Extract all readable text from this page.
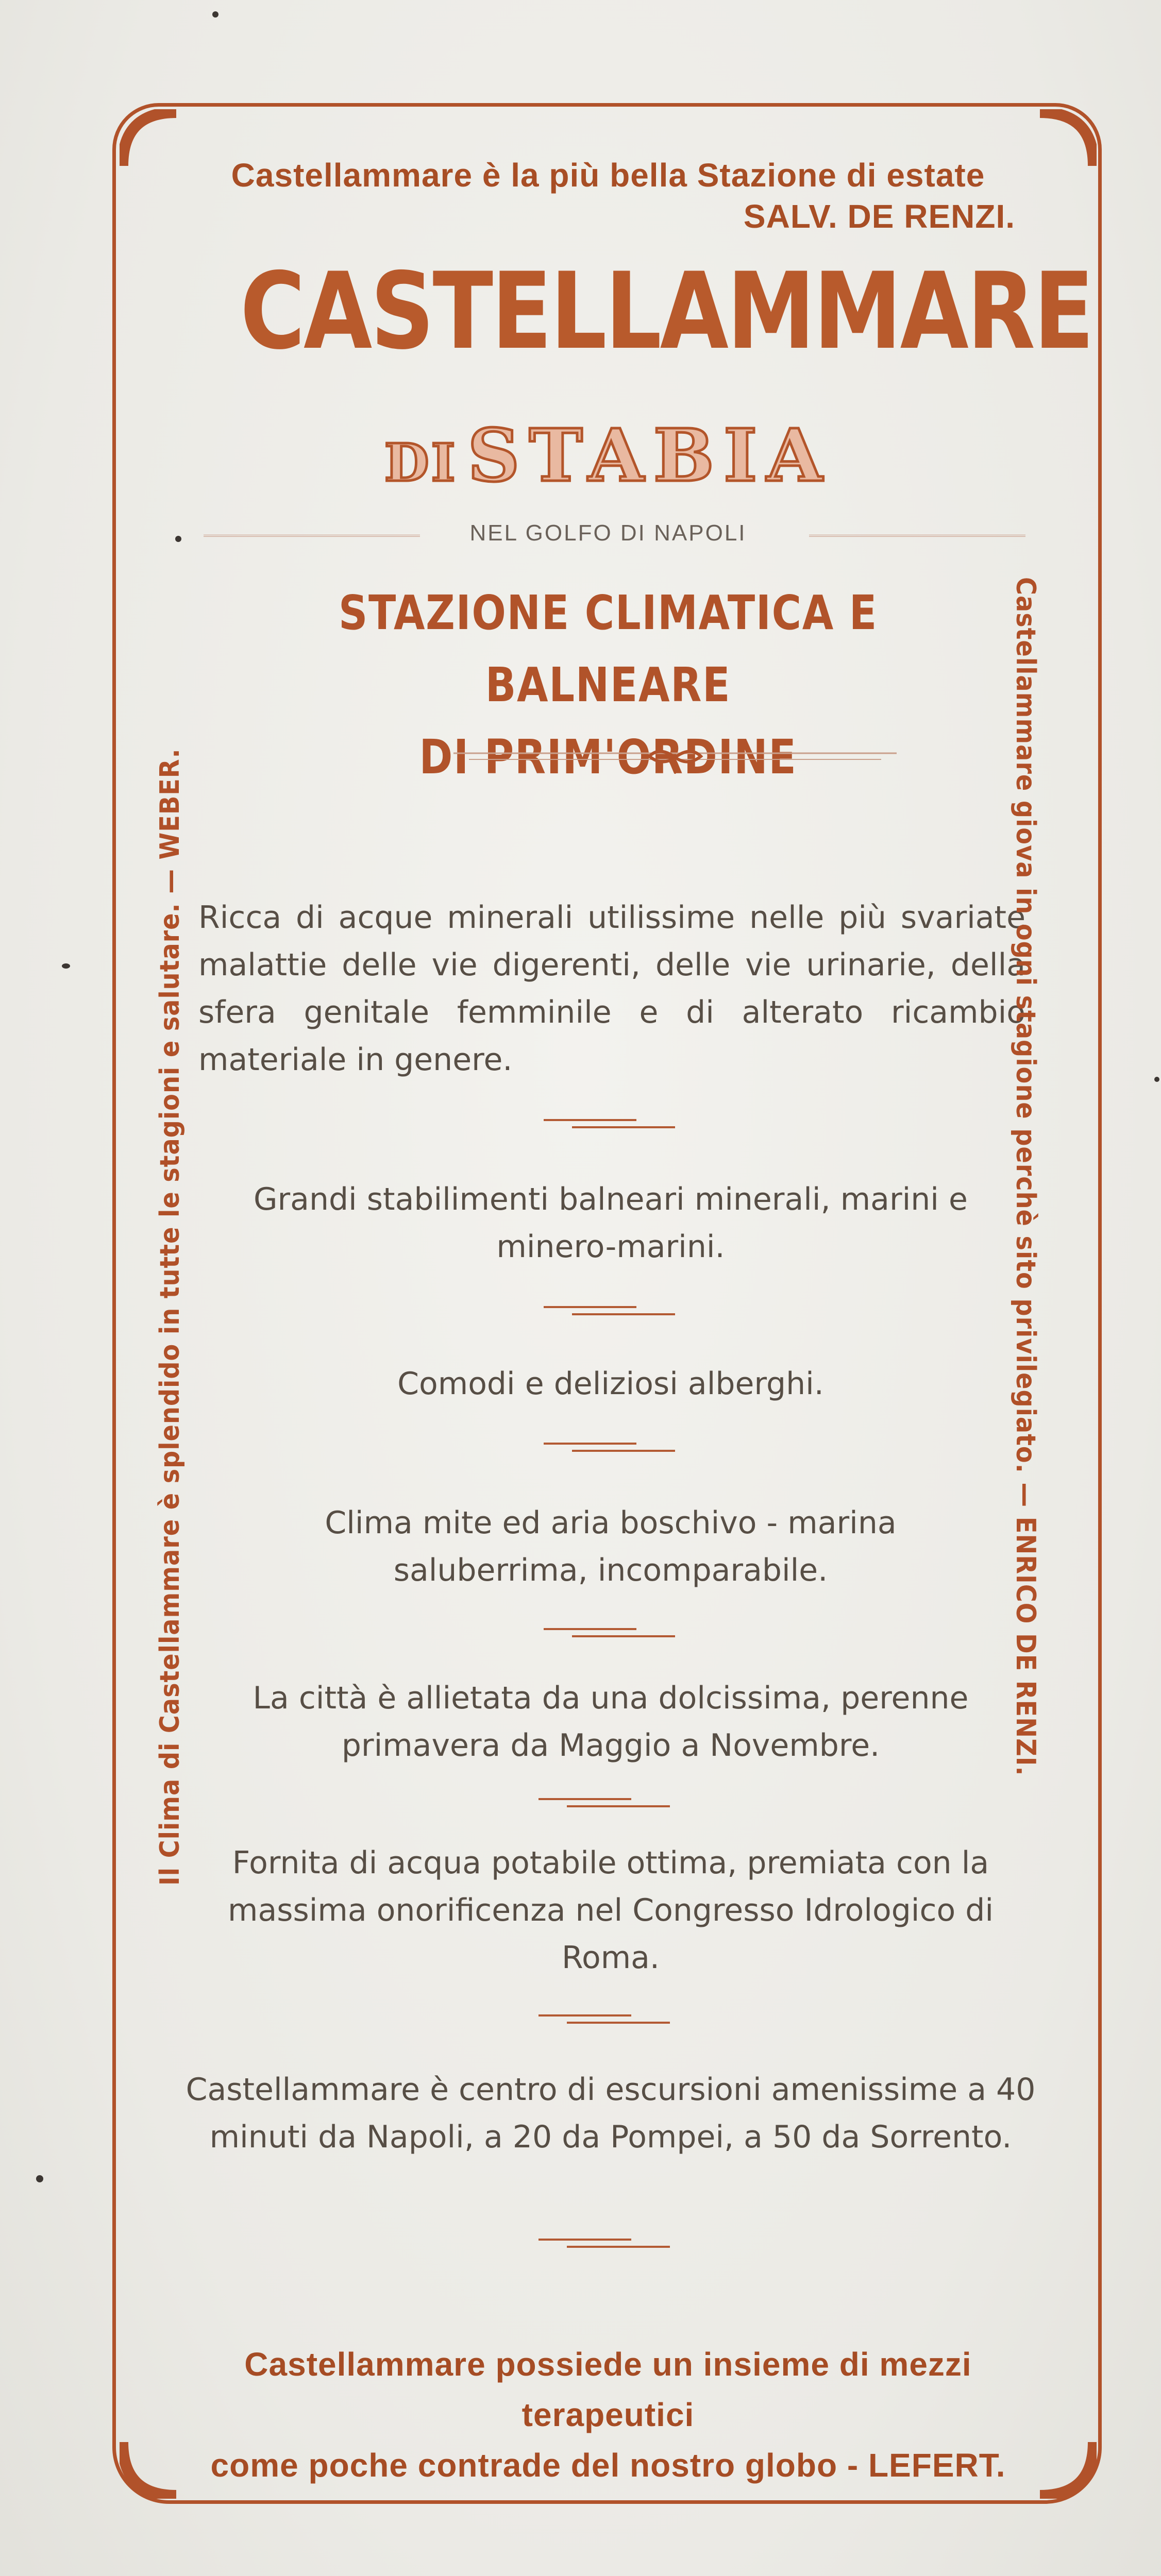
Castellammare è la più bella Stazione di estate
SALV. DE RENZI.
CASTELLAMMARE
DI STABIA
NEL GOLFO DI NAPOLI
STAZIONE CLIMATICA E BALNEARE
DI PRIM'ORDINE
Ricca di acque minerali utilissime nelle più svariate malattie delle vie digerenti, delle vie urinarie, della sfera genitale femminile e di alterato ricambio materiale in genere.
Grandi stabilimenti balneari minerali, marini e minero-marini.
Comodi e deliziosi alberghi.
Clima mite ed aria boschivo - marina saluberrima, incomparabile.
La città è allietata da una dolcissima, perenne primavera da Maggio a Novembre.
Fornita di acqua potabile ottima, premiata con la massima onorificenza nel Congresso Idrologico di Roma.
Castellammare è centro di escursioni amenissime a 40 minuti da Napoli, a 20 da Pompei, a 50 da Sorrento.
Castellammare possiede un insieme di mezzi terapeutici
come poche contrade del nostro globo - LEFERT.
Il Clima di Castellammare è splendido in tutte le stagioni e salutare. — WEBER.	Castellammare giova in ogni stagione perchè sito privilegiato. — ENRICO DE RENZI.
